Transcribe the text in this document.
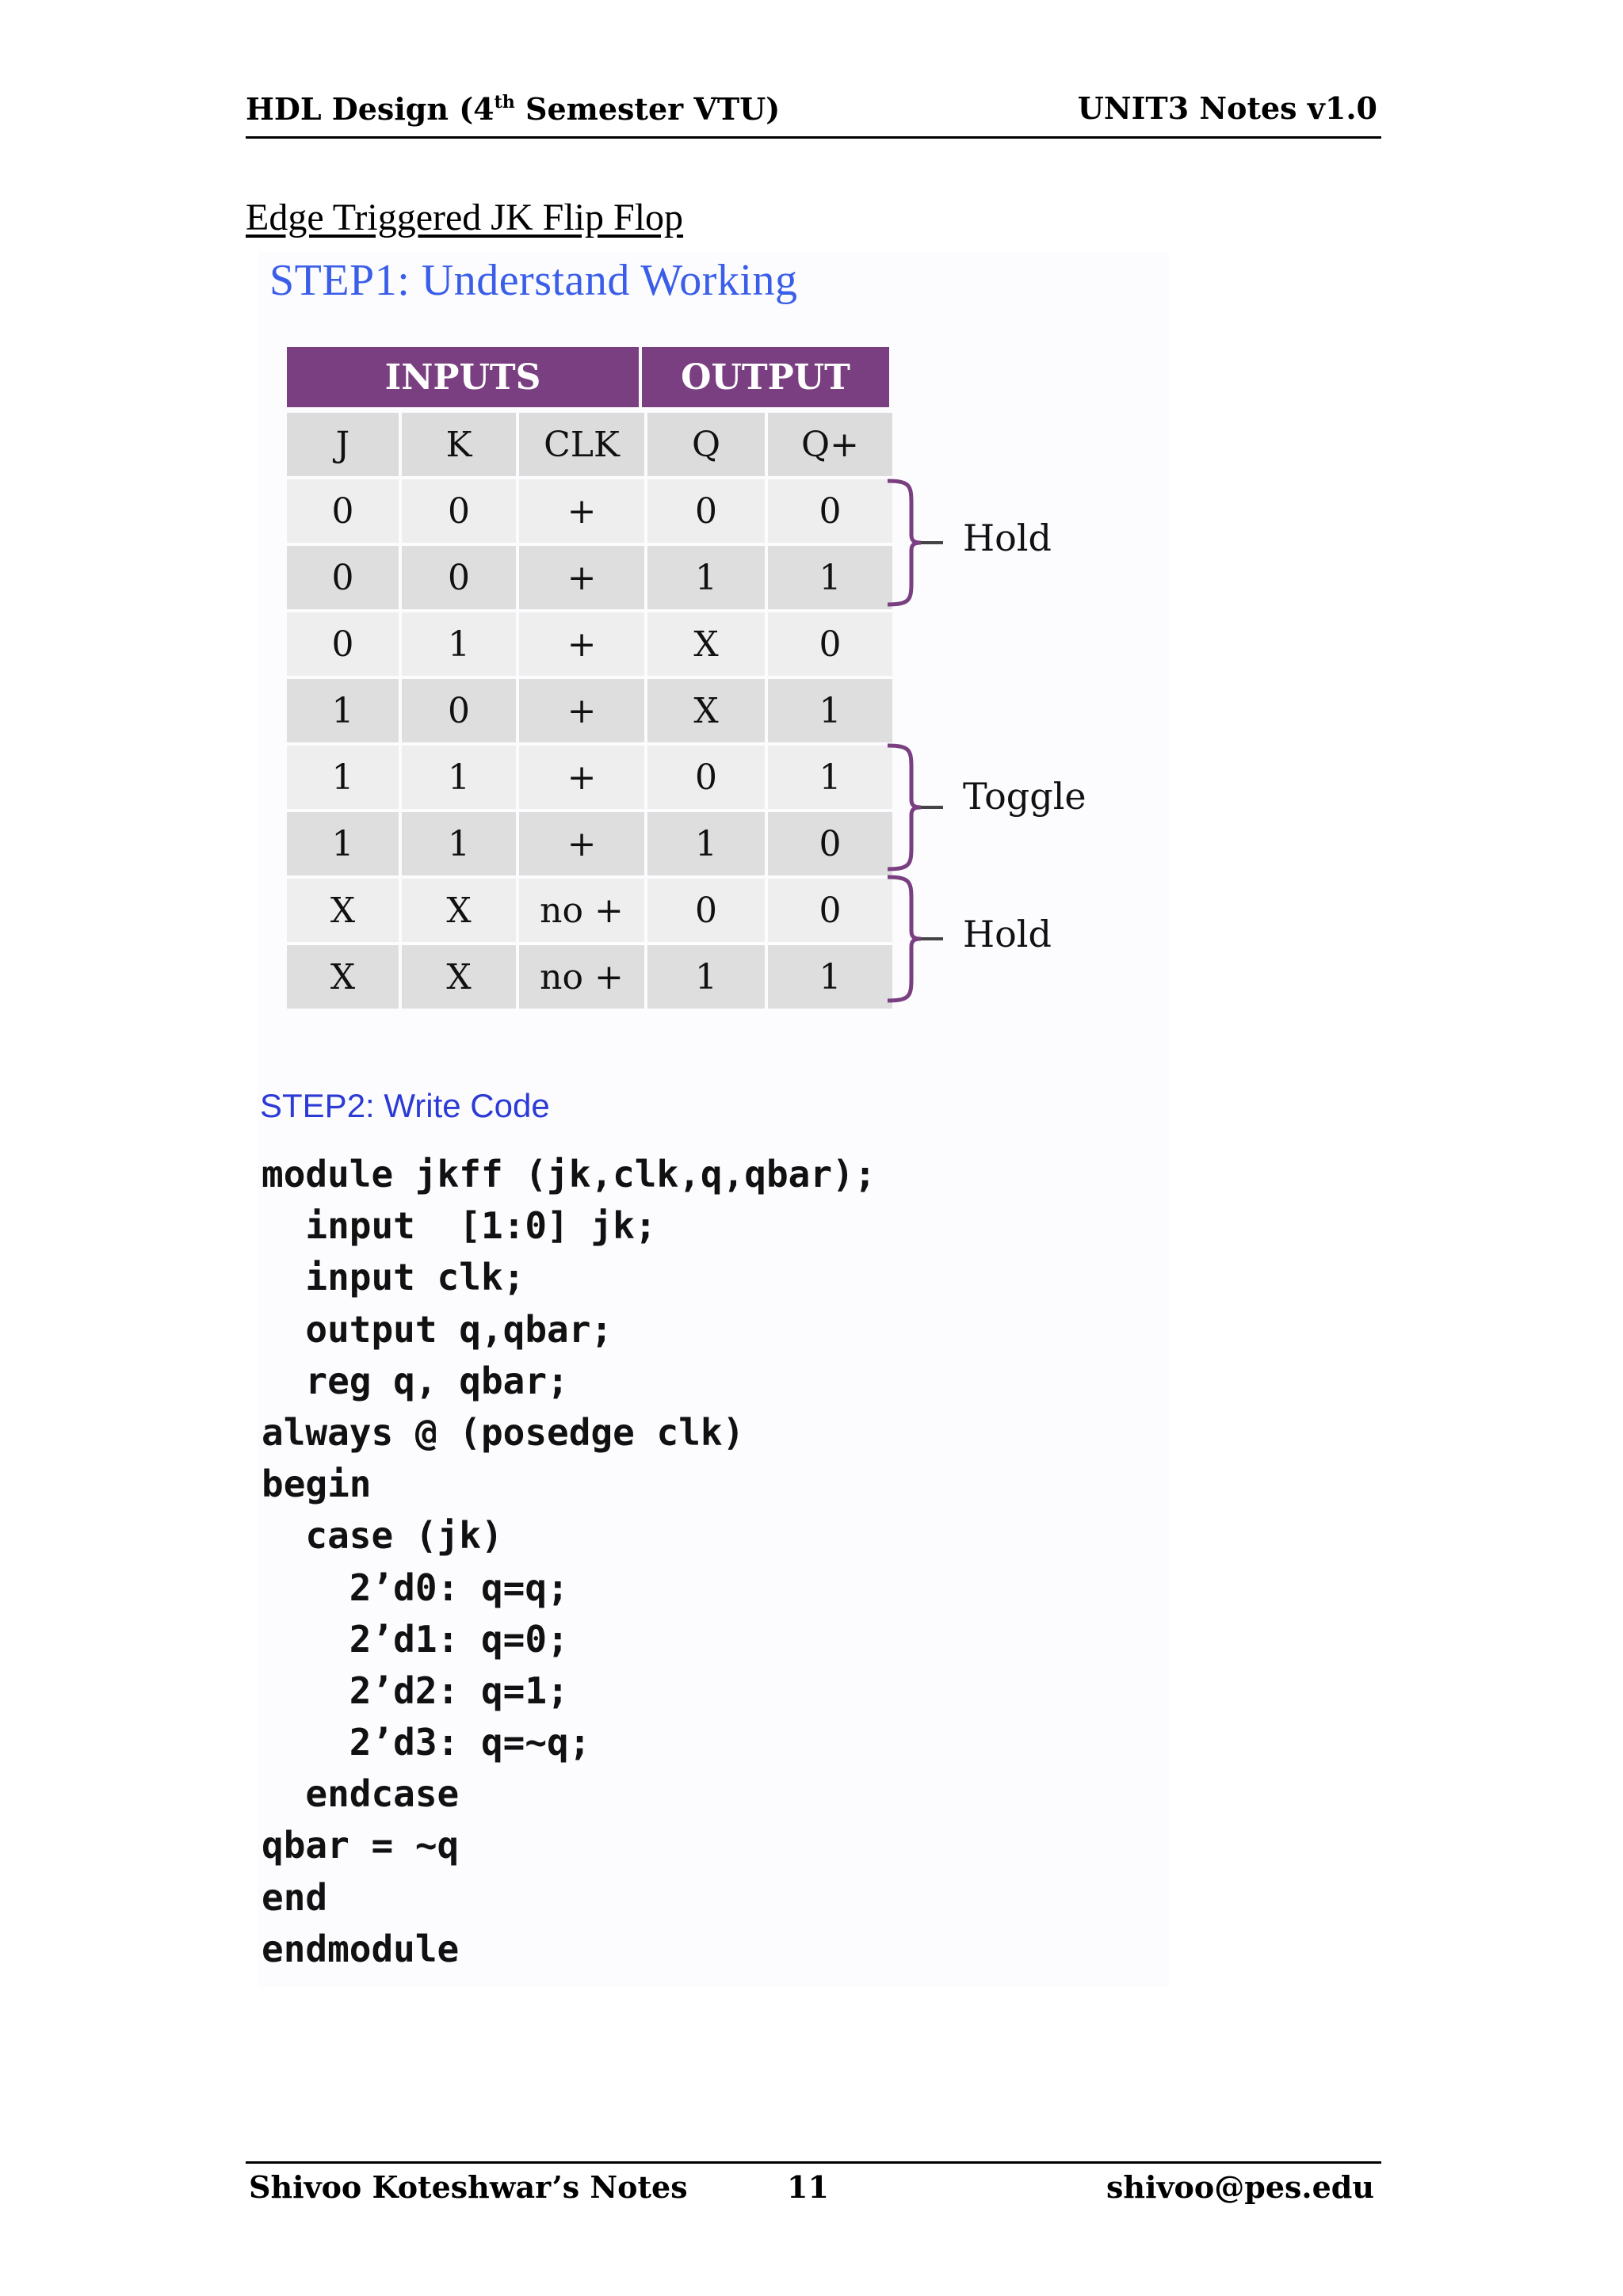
HDL Design (4th Semester VTU)	UNIT3 Notes v1.0
Edge Triggered JK Flip Flop
STEP1: Understand Working
INPUTS	OUTPUT
J	K	CLK	Q	Q+
0	0	+	0	0
0	0	+	1	1
0	1	+	X	0
1	0	+	X	1
1	1	+	0	1
1	1	+	1	0
X	X	no +	0	0
X	X	no +	1	1
Hold
Toggle
Hold
STEP2: Write Code
module jkff (jk,clk,q,qbar);
input  [1:0] jk;
input clk;
output q,qbar;
reg q, qbar;
always @ (posedge clk)
begin
case (jk)
2’d0: q=q;
2’d1: q=0;
2’d2: q=1;
2’d3: q=~q;
endcase
qbar = ~q
end
endmodule
Shivoo Koteshwar’s Notes	11	shivoo@pes.edu
